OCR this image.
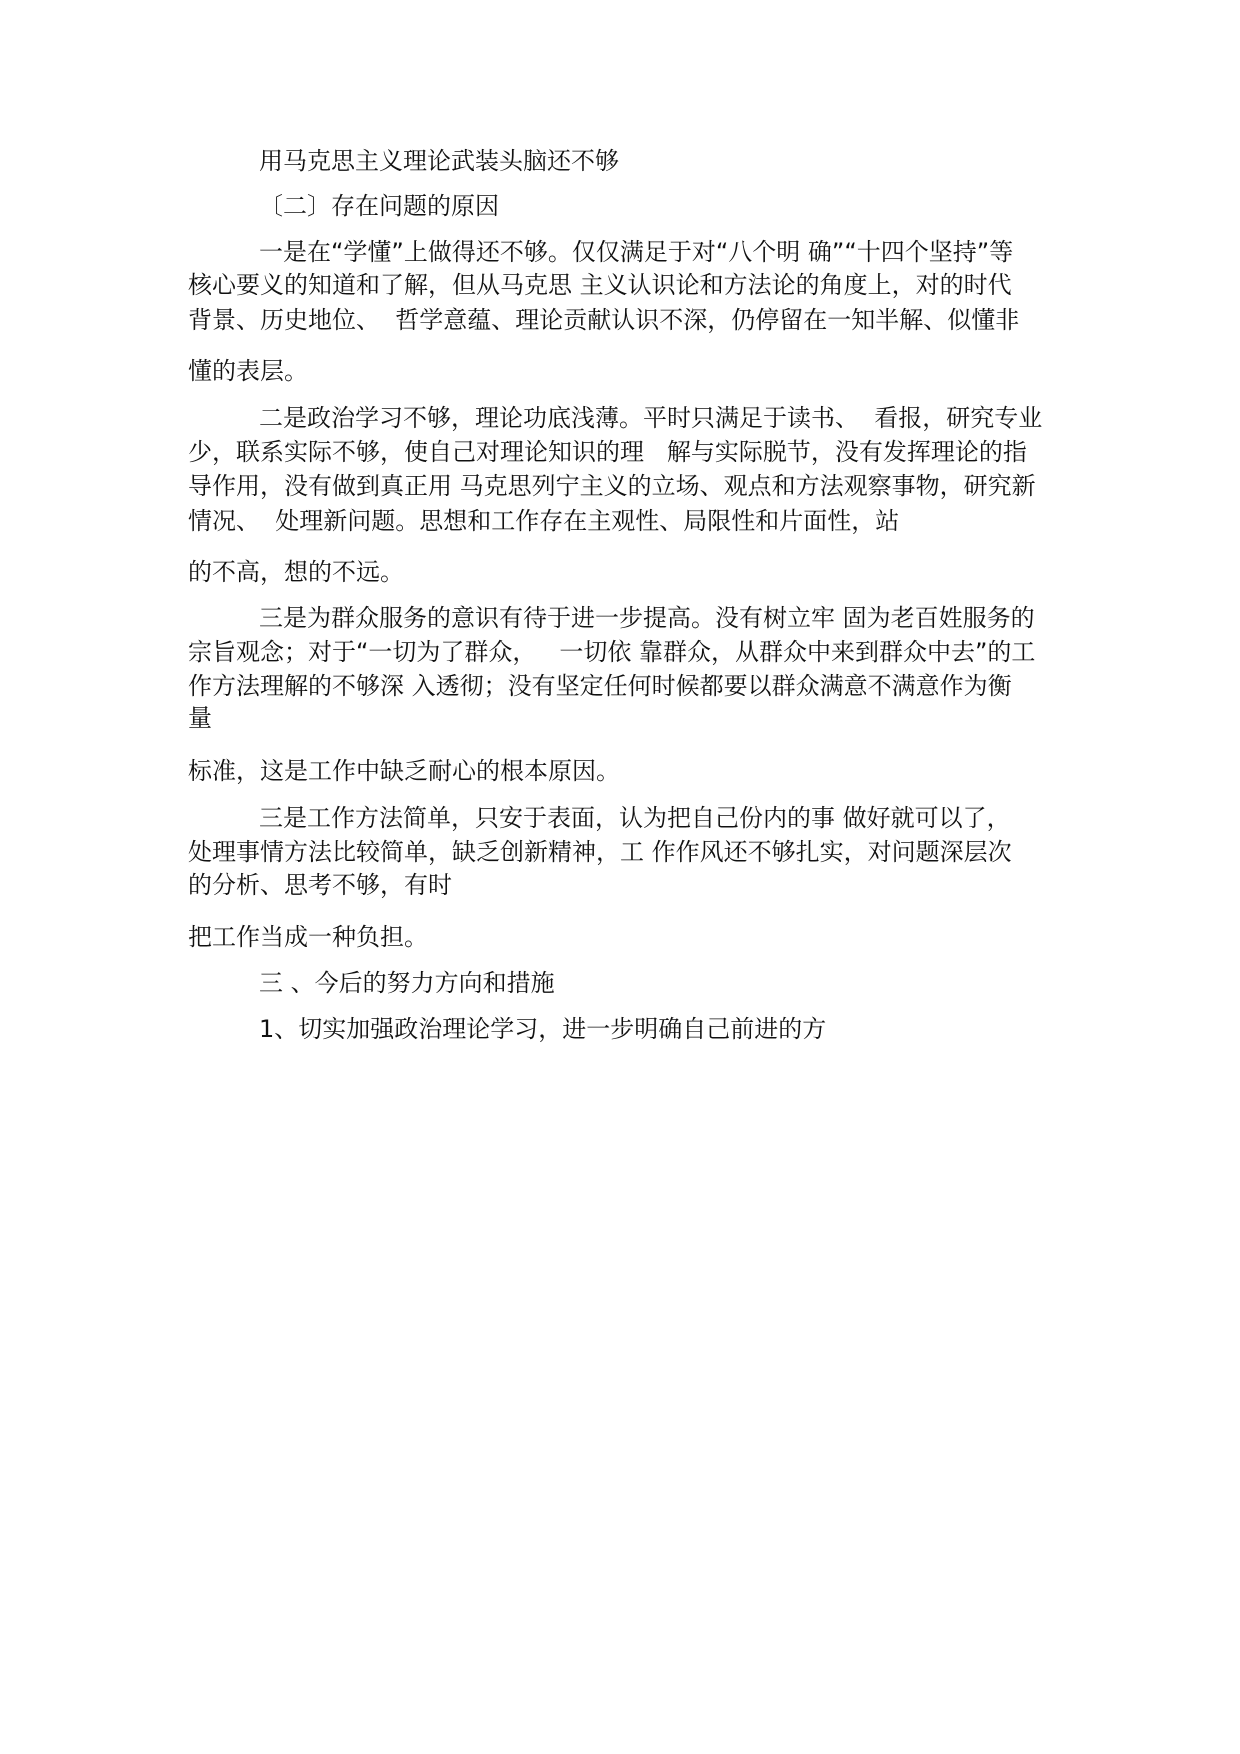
用马克思主义理论武装头脑还不够
〔二〕存在问题的原因
一是在“学懂”上做得还不够。仅仅满足于对“八个明 确”“十四个坚持”等
核心要义的知道和了解，但从马克思 主义认识论和方法论的角度上，对的时代
背景、历史地位、  哲学意蕴、理论贡献认识不深，仍停留在一知半解、似懂非
懂的表层。
二是政治学习不够，理论功底浅薄。平时只满足于读书、  看报，研究专业
少，联系实际不够，使自己对理论知识的理   解与实际脱节，没有发挥理论的指
导作用，没有做到真正用 马克思列宁主义的立场、观点和方法观察事物，研究新
情况、  处理新问题。思想和工作存在主观性、局限性和片面性，站
的不高，想的不远。
三是为群众服务的意识有待于进一步提高。没有树立牢 固为老百姓服务的
宗旨观念；对于“一切为了群众，   一切依 靠群众，从群众中来到群众中去”的工
作方法理解的不够深 入透彻；没有坚定任何时候都要以群众满意不满意作为衡
量
标准，这是工作中缺乏耐心的根本原因。
三是工作方法简单，只安于表面，认为把自己份内的事 做好就可以了，
处理事情方法比较简单，缺乏创新精神，工 作作风还不够扎实，对问题深层次
的分析、思考不够，有时
把工作当成一种负担。
三 、今后的努力方向和措施
1、切实加强政治理论学习，进一步明确自己前进的方
